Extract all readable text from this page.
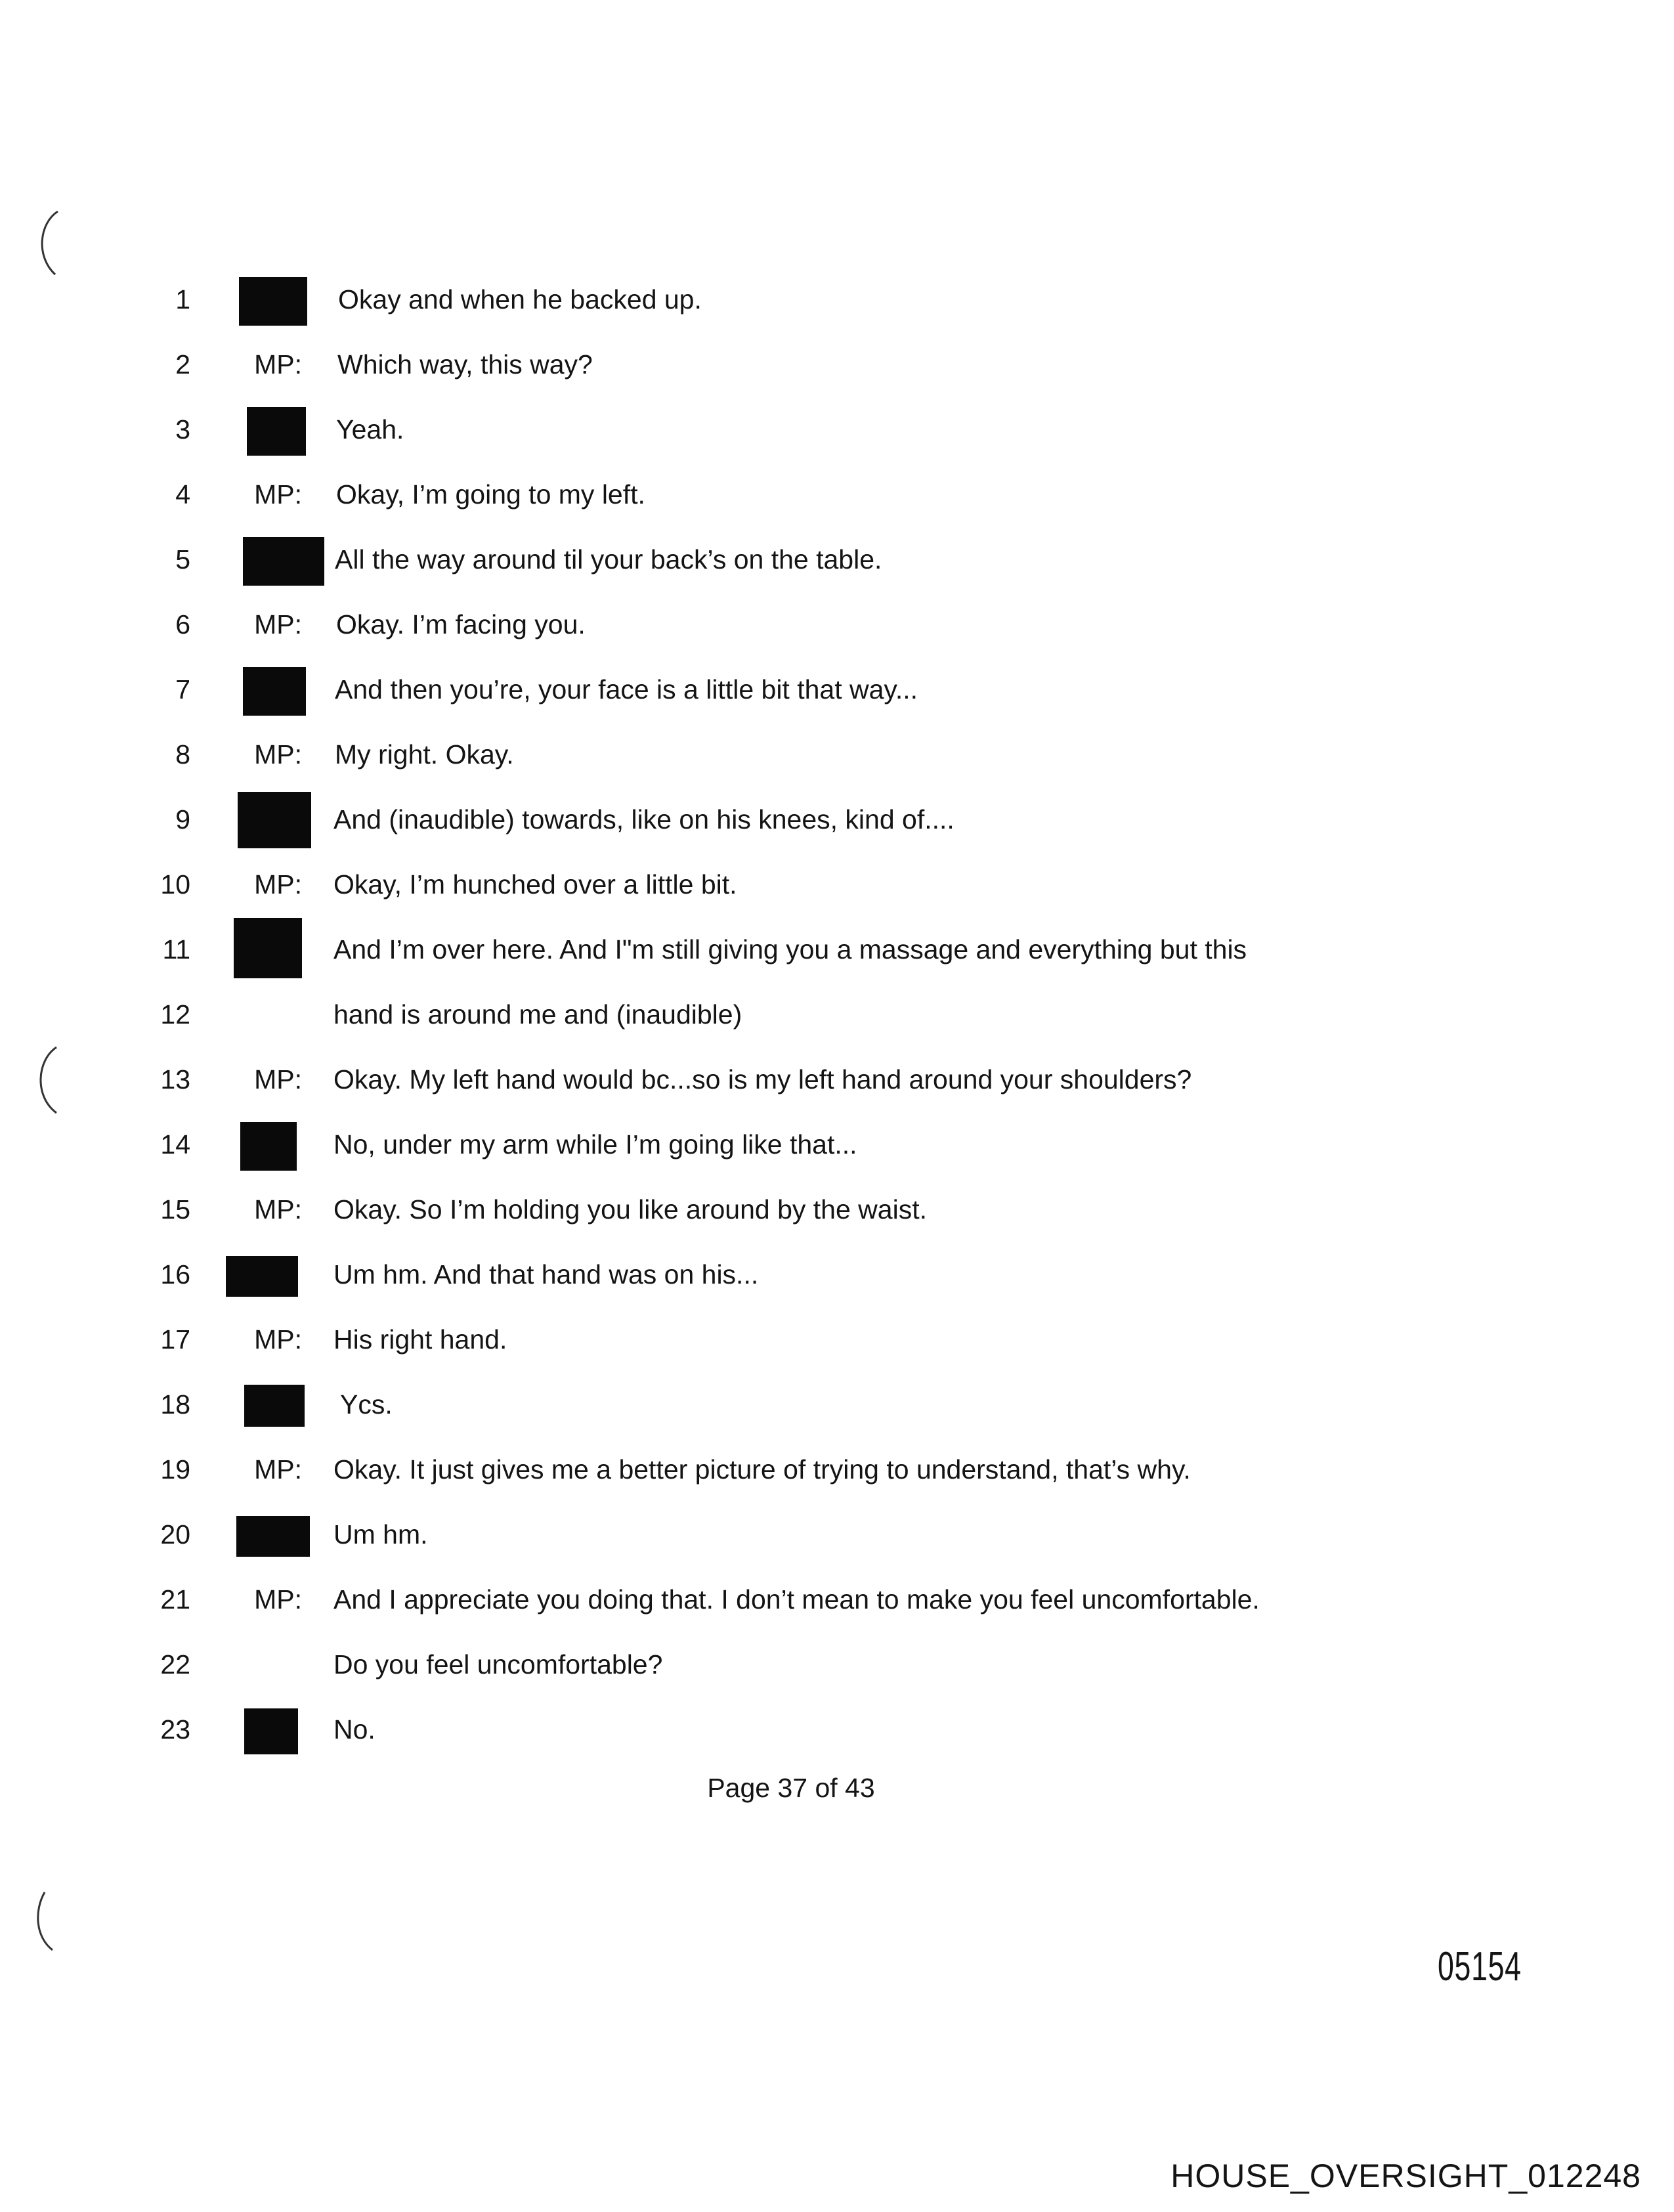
1	Okay and when he backed up.
2	MP: Which way, this way?
3	Yeah.
4	MP: Okay, I’m going to my left.
5	All the way around til your back’s on the table.
6	MP: Okay. I’m facing you.
7	And then you’re, your face is a little bit that way...
8	MP: My right. Okay.
9	And (inaudible) towards, like on his knees, kind of....
10	MP: Okay, I’m hunched over a little bit.
11	And I’m over here. And I"m still giving you a massage and everything but this
12	hand is around me and (inaudible)
13	MP: Okay. My left hand would bc...so is my left hand around your shoulders?
14	No, under my arm while I’m going like that...
15	MP: Okay. So I’m holding you like around by the waist.
16	Um hm. And that hand was on his...
17	MP: His right hand.
18	Ycs.
19	MP: Okay. It just gives me a better picture of trying to understand, that’s why.
20	Um hm.
21	MP: And I appreciate you doing that. I don’t mean to make you feel uncomfortable.
22	Do you feel uncomfortable?
23	No.
Page 37 of 43
05154
HOUSE_OVERSIGHT_012248
